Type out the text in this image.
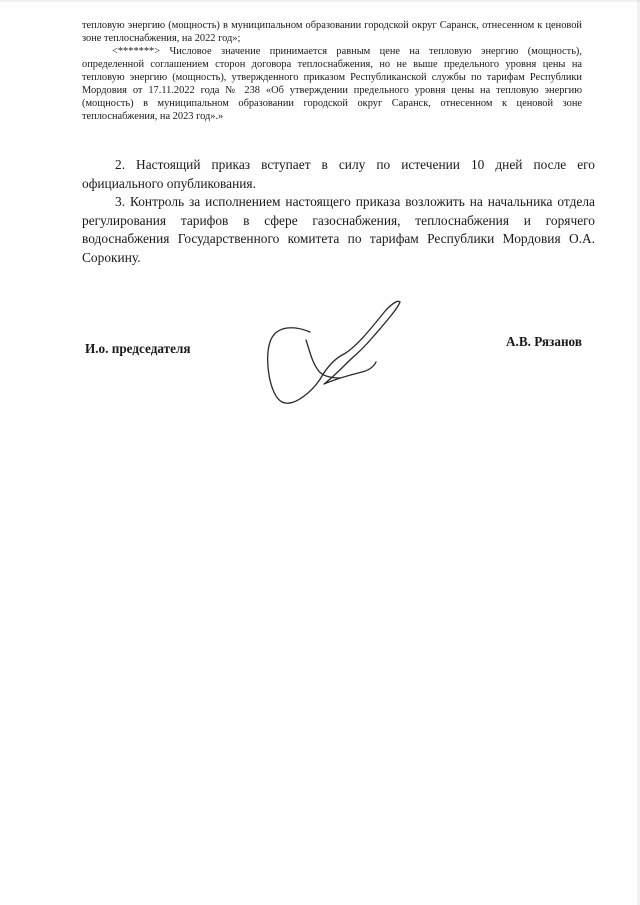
тепловую энергию (мощность) в муниципальном образовании городской округ Саранск, отнесенном к ценовой зоне теплоснабжения, на 2022 год»;

<*******> Числовое значение принимается равным цене на тепловую энергию (мощность), определенной соглашением сторон договора теплоснабжения, но не выше предельного уровня цены на тепловую энергию (мощность), утвержденного приказом Республиканской службы по тарифам Республики Мордовия от 17.11.2022 года № 238 «Об утверждении предельного уровня цены на тепловую энергию (мощность) в муниципальном образовании городской округ Саранск, отнесенном к ценовой зоне теплоснабжения, на 2023 год».»

2. Настоящий приказ вступает в силу по истечении 10 дней после его официального опубликования.

3. Контроль за исполнением настоящего приказа возложить на начальника отдела регулирования тарифов в сфере газоснабжения, теплоснабжения и горячего водоснабжения Государственного комитета по тарифам Республики Мордовия О.А. Сорокину.

И.о. председателя	А.В. Рязанов
